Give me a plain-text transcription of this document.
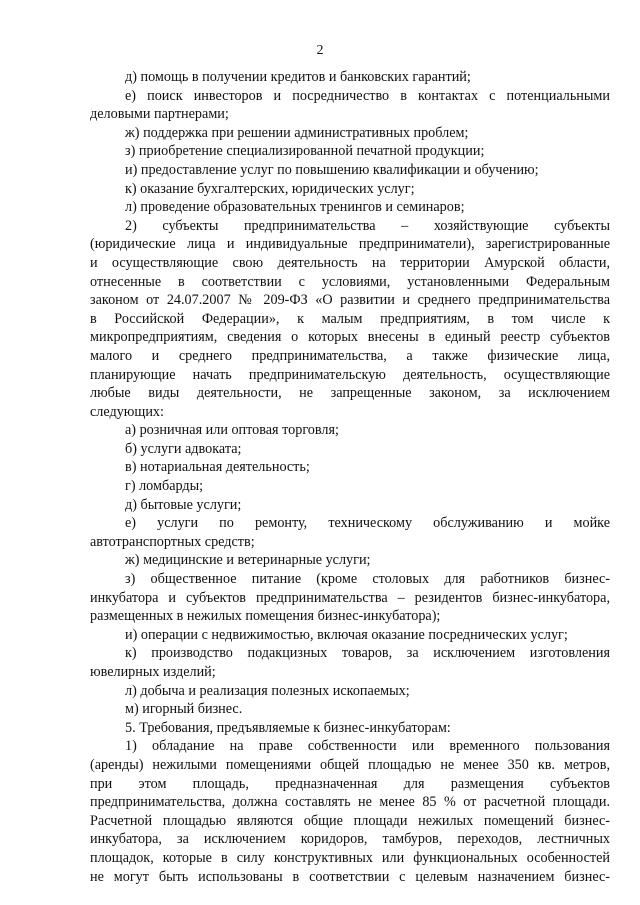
2
д) помощь в получении кредитов и банковских гарантий;
е) поиск инвесторов и посредничество в контактах с потенциальными
деловыми партнерами;
ж) поддержка при решении административных проблем;
з) приобретение специализированной печатной продукции;
и) предоставление услуг по повышению квалификации и обучению;
к) оказание бухгалтерских, юридических услуг;
л) проведение образовательных тренингов и семинаров;
2) субъекты предпринимательства – хозяйствующие субъекты
(юридические лица и индивидуальные предприниматели), зарегистрированные
и осуществляющие свою деятельность на территории Амурской области,
отнесенные в соответствии с условиями, установленными Федеральным
законом от 24.07.2007 № 209-ФЗ «О развитии и среднего предпринимательства
в Российской Федерации», к малым предприятиям, в том числе к
микропредприятиям, сведения о которых внесены в единый реестр субъектов
малого и среднего предпринимательства, а также физические лица,
планирующие начать предпринимательскую деятельность, осуществляющие
любые виды деятельности, не запрещенные законом, за исключением
следующих:
а) розничная или оптовая торговля;
б) услуги адвоката;
в) нотариальная деятельность;
г) ломбарды;
д) бытовые услуги;
е) услуги по ремонту, техническому обслуживанию и мойке
автотранспортных средств;
ж) медицинские и ветеринарные услуги;
з) общественное питание (кроме столовых для работников бизнес-
инкубатора и субъектов предпринимательства – резидентов бизнес-инкубатора,
размещенных в нежилых помещения бизнес-инкубатора);
и) операции с недвижимостью, включая оказание посреднических услуг;
к) производство подакцизных товаров, за исключением изготовления
ювелирных изделий;
л) добыча и реализация полезных ископаемых;
м) игорный бизнес.
5. Требования, предъявляемые к бизнес-инкубаторам:
1) обладание на праве собственности или временного пользования
(аренды) нежилыми помещениями общей площадью не менее 350 кв. метров,
при этом площадь, предназначенная для размещения субъектов
предпринимательства, должна составлять не менее 85 % от расчетной площади.
Расчетной площадью являются общие площади нежилых помещений бизнес-
инкубатора, за исключением коридоров, тамбуров, переходов, лестничных
площадок, которые в силу конструктивных или функциональных особенностей
не могут быть использованы в соответствии с целевым назначением бизнес-
